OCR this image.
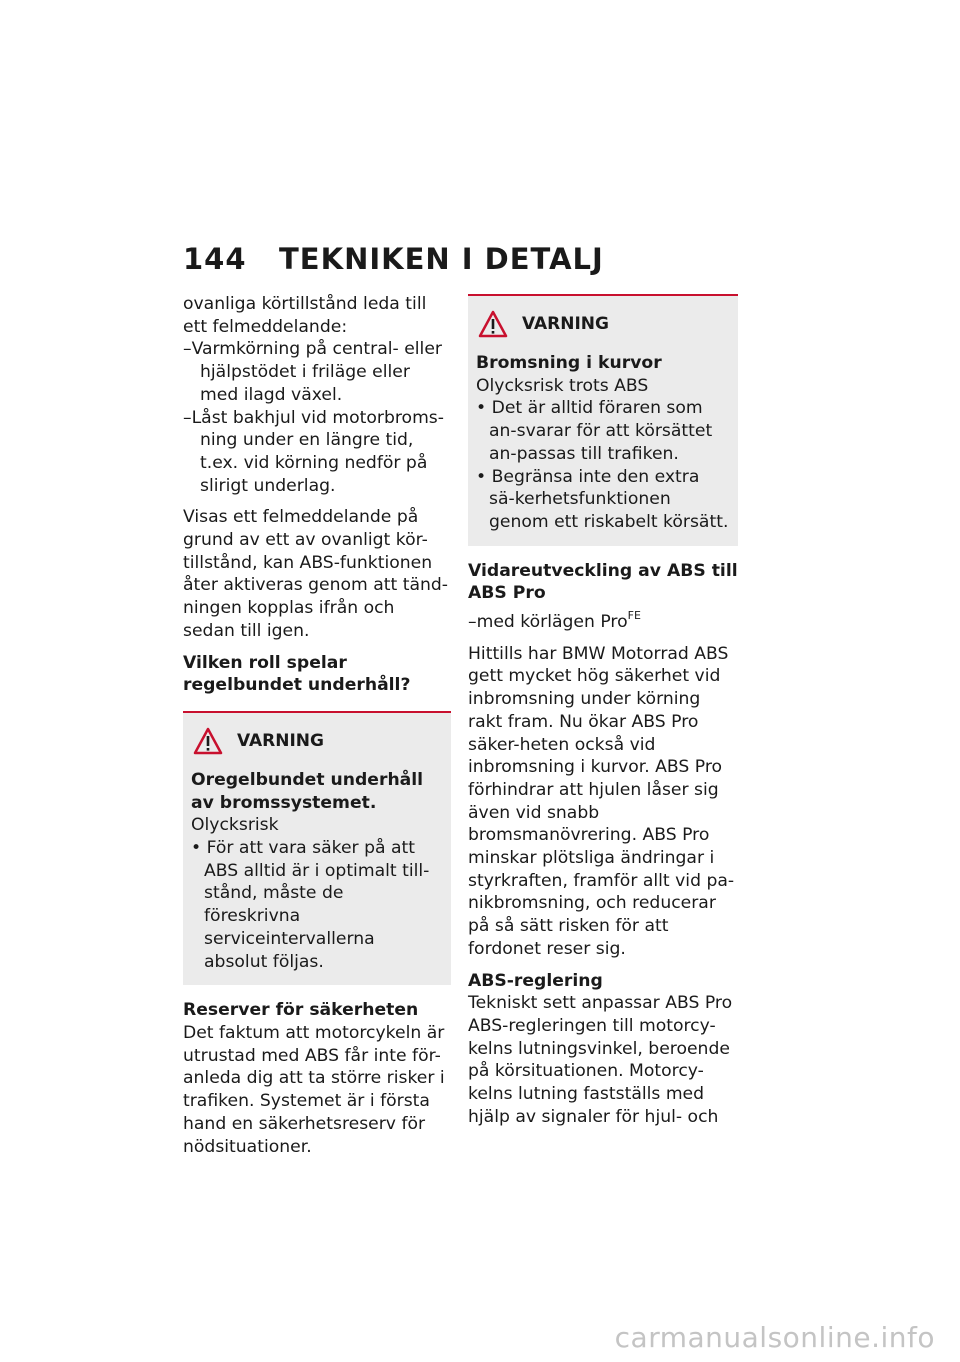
144 TEKNIKEN I DETALJ

ovanliga körtillstånd leda till ett felmeddelande:

–Varmkörning på central- eller hjälpstödet i friläge eller med ilagd växel.

–Låst bakhjul vid motorbroms-ning under en längre tid, t.ex. vid körning nedför på slirigt underlag.

Visas ett felmeddelande på grund av ett av ovanligt kör-tillstånd, kan ABS-funktionen åter aktiveras genom att tänd-ningen kopplas ifrån och sedan till igen.

Vilken roll spelar regelbundet underhåll?

VARNING

Oregelbundet underhåll av bromssystemet.

Olycksrisk

• För att vara säker på att ABS alltid är i optimalt till-stånd, måste de föreskrivna serviceintervallerna absolut följas.

Reserver för säkerheten

Det faktum att motorcykeln är utrustad med ABS får inte för-anleda dig att ta större risker i trafiken. Systemet är i första hand en säkerhetsreserv för nödsituationer.

VARNING

Bromsning i kurvor

Olycksrisk trots ABS

• Det är alltid föraren som an-svarar för att körsättet an-passas till trafiken.

• Begränsa inte den extra sä-kerhetsfunktionen genom ett riskabelt körsätt.

Vidareutveckling av ABS till ABS Pro

–med körlägen Pro$^{FE}$

Hittills har BMW Motorrad ABS gett mycket hög säkerhet vid inbromsning under körning rakt fram. Nu ökar ABS Pro säker-heten också vid inbromsning i kurvor. ABS Pro förhindrar att hjulen låser sig även vid snabb bromsmanövrering. ABS Pro minskar plötsliga ändringar i styrkraften, framför allt vid pa-nikbromsning, och reducerar på så sätt risken för att fordonet reser sig.

ABS-reglering

Tekniskt sett anpassar ABS Pro ABS-regleringen till motorcy-kelns lutningsvinkel, beroende på körsituationen. Motorcy-kelns lutning fastställs med hjälp av signaler för hjul- och

carmanualsonline.info
